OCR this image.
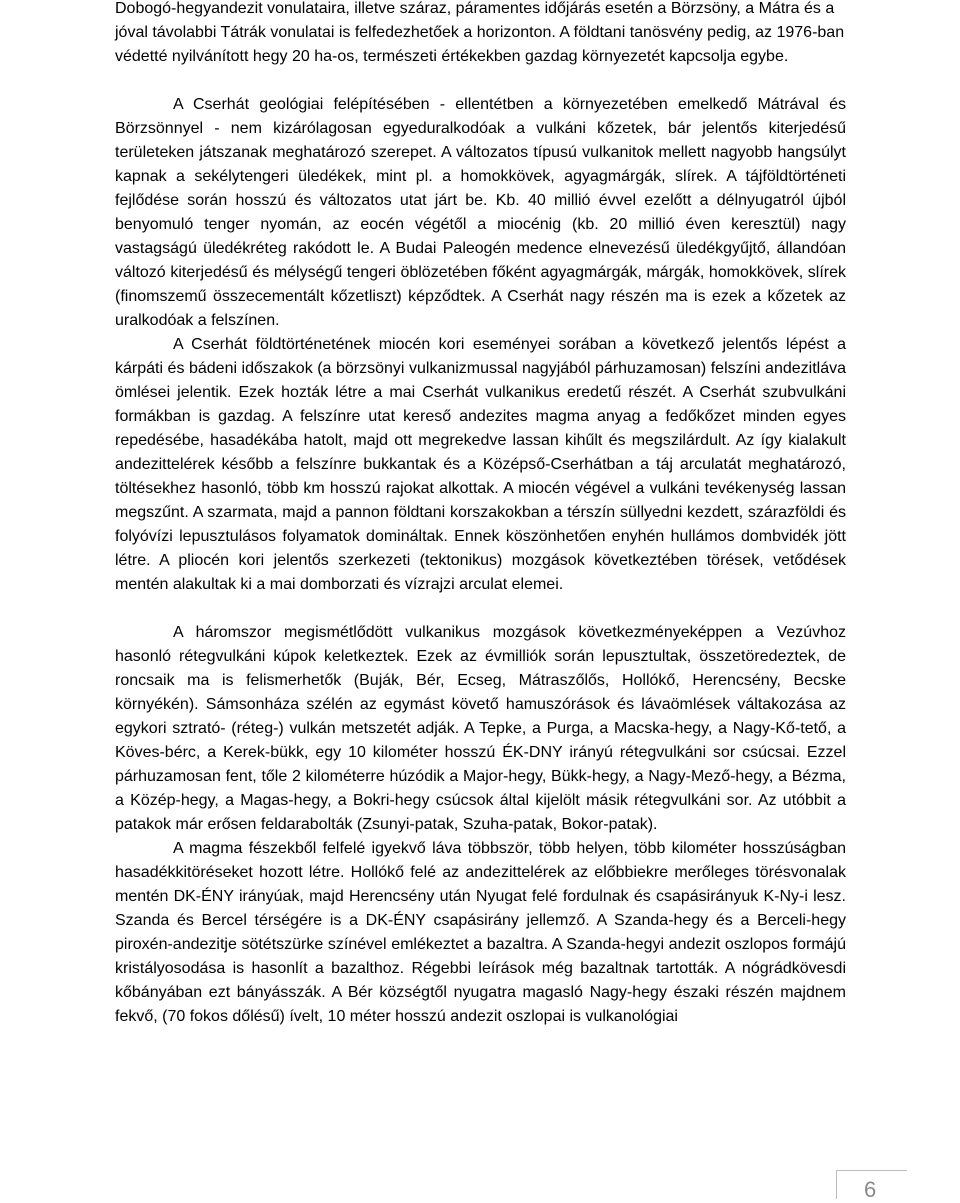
Dobogó-hegyandezit vonulataira, illetve száraz, páramentes időjárás esetén a Börzsöny, a Mátra és a jóval távolabbi Tátrák vonulatai is felfedezhetőek a horizonton. A földtani tanösvény pedig, az 1976-ban védetté nyilvánított hegy 20 ha-os, természeti értékekben gazdag környezetét kapcsolja egybe.

A Cserhát geológiai felépítésében - ellentétben a környezetében emelkedő Mátrával és Börzsönnyel - nem kizárólagosan egyeduralkodóak a vulkáni kőzetek, bár jelentős kiterjedésű területeken játszanak meghatározó szerepet. A változatos típusú vulkanitok mellett nagyobb hangsúlyt kapnak a sekélytengeri üledékek, mint pl. a homokkövek, agyagmárgák, slírek. A tájföldtörténeti fejlődése során hosszú és változatos utat járt be. Kb. 40 millió évvel ezelőtt a délnyugatról újból benyomuló tenger nyomán, az eocén végétől a miocénig (kb. 20 millió éven keresztül) nagy vastagságú üledékréteg rakódott le. A Budai Paleogén medence elnevezésű üledékgyűjtő, állandóan változó kiterjedésű és mélységű tengeri öblözetében főként agyagmárgák, márgák, homokkövek, slírek (finomszemű összecementált kőzetliszt) képződtek. A Cserhát nagy részén ma is ezek a kőzetek az uralkodóak a felszínen.

A Cserhát földtörténetének miocén kori eseményei sorában a következő jelentős lépést a kárpáti és bádeni időszakok (a börzsönyi vulkanizmussal nagyjából párhuzamosan) felszíni andezitláva ömlései jelentik. Ezek hozták létre a mai Cserhát vulkanikus eredetű részét. A Cserhát szubvulkáni formákban is gazdag. A felszínre utat kereső andezites magma anyag a fedőkőzet minden egyes repedésébe, hasadékába hatolt, majd ott megrekedve lassan kihűlt és megszilárdult. Az így kialakult andezittelérek később a felszínre bukkantak és a Középső-Cserhátban a táj arculatát meghatározó, töltésekhez hasonló, több km hosszú rajokat alkottak. A miocén végével a vulkáni tevékenység lassan megszűnt. A szarmata, majd a pannon földtani korszakokban a térszín süllyedni kezdett, szárazföldi és folyóvízi lepusztulásos folyamatok domináltak. Ennek köszönhetően enyhén hullámos dombvidék jött létre. A pliocén kori jelentős szerkezeti (tektonikus) mozgások következtében törések, vetődések mentén alakultak ki a mai domborzati és vízrajzi arculat elemei.

A háromszor megismétlődött vulkanikus mozgások következményeképpen a Vezúvhoz hasonló rétegvulkáni kúpok keletkeztek. Ezek az évmilliók során lepusztultak, összetöredeztek, de roncsaik ma is felismerhetők (Buják, Bér, Ecseg, Mátraszőlős, Hollókő, Herencsény, Becske környékén). Sámsonháza szélén az egymást követő hamuszórások és lávaömlések váltakozása az egykori sztrató- (réteg-) vulkán metszetét adják. A Tepke, a Purga, a Macska-hegy, a Nagy-Kő-tető, a Köves-bérc, a Kerek-bükk, egy 10 kilométer hosszú ÉK-DNY irányú rétegvulkáni sor csúcsai. Ezzel párhuzamosan fent, tőle 2 kilométerre húzódik a Major-hegy, Bükk-hegy, a Nagy-Mező-hegy, a Bézma, a Közép-hegy, a Magas-hegy, a Bokri-hegy csúcsok által kijelölt másik rétegvulkáni sor. Az utóbbit a patakok már erősen feldarabolták (Zsunyi-patak, Szuha-patak, Bokor-patak).

A magma fészekből felfelé igyekvő láva többször, több helyen, több kilométer hosszúságban hasadékkitöréseket hozott létre. Hollókő felé az andezittelérek az előbbiekre merőleges törésvonalak mentén DK-ÉNY irányúak, majd Herencsény után Nyugat felé fordulnak és csapásirányuk K-Ny-i lesz. Szanda és Bercel térségére is a DK-ÉNY csapásirány jellemző. A Szanda-hegy és a Berceli-hegy piroxén-andezitje sötétszürke színével emlékeztet a bazaltra. A Szanda-hegyi andezit oszlopos formájú kristályosodása is hasonlít a bazalthoz. Régebbi leírások még bazaltnak tartották. A nógrádkövesdi kőbányában ezt bányásszák. A Bér községtől nyugatra magasló Nagy-hegy északi részén majdnem fekvő, (70 fokos dőlésű) ívelt, 10 méter hosszú andezit oszlopai is vulkanológiai

6
